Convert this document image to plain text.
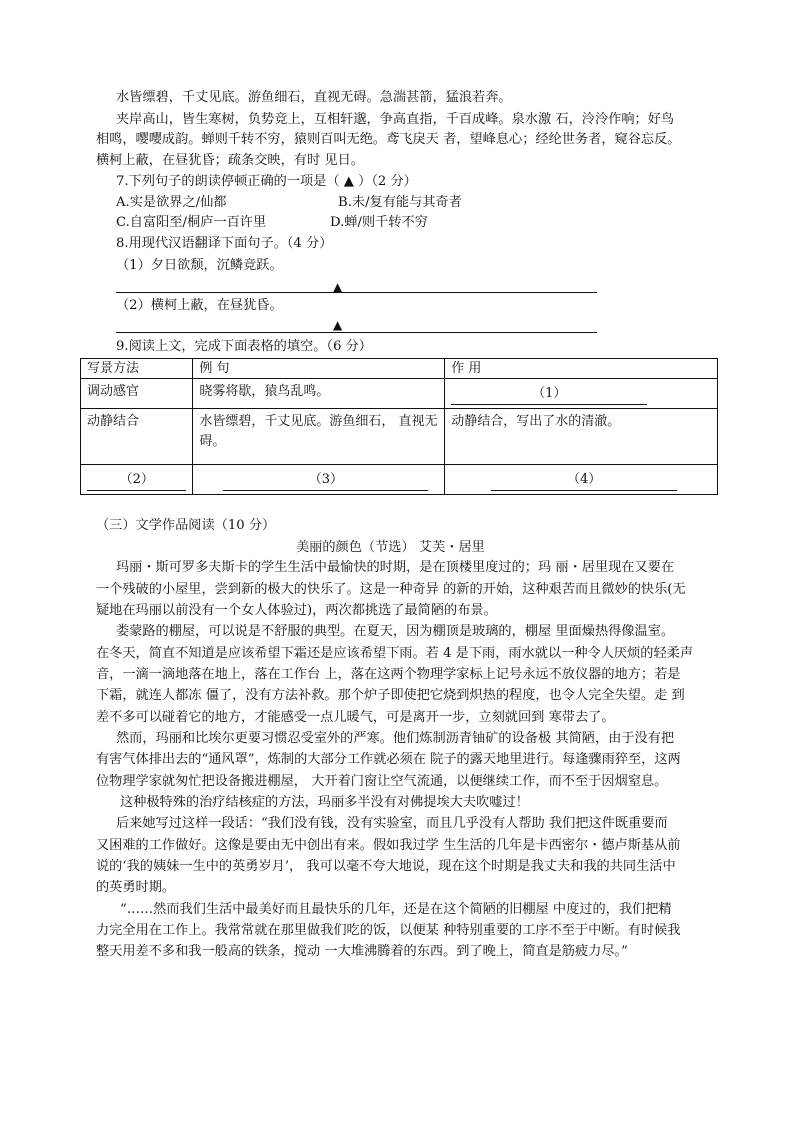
水皆缥碧，千丈见底。游鱼细石，直视无碍。急湍甚箭，猛浪若奔。
夹岸高山，皆生寒树，负势竞上，互相轩邈，争高直指，千百成峰。泉水激 石，泠泠作响；好鸟
相鸣，嘤嘤成韵。蝉则千转不穷，猿则百叫无绝。鸢飞戾天 者，望峰息心；经纶世务者，窥谷忘反。
横柯上蔽，在昼犹昏；疏条交映，有时 见日。
7.下列句子的朗读停顿正确的一项是（ ▲ ）（2 分）
A.实是欲界之/仙都	B.未/复有能与其奇者
C.自富阳至/桐庐一百许里	D.蝉/则千转不穷
8.用现代汉语翻译下面句子。（4 分）
（1）夕日欲颓，沉鳞竞跃。
▲
（2）横柯上蔽，在昼犹昏。
▲
9.阅读上文，完成下面表格的填空。（6 分）
写景方法	例 句	作 用
调动感官	晓雾将歇，猿鸟乱鸣。	（1）

动静结合	水皆缥碧，千丈见底。游鱼细石， 直视无碍。	动静结合，写出了水的清澈。

（2）	（3）	（4）
（三）文学作品阅读（10 分）
美丽的颜色（节选） 艾芙・居里
玛丽・斯可罗多夫斯卡的学生生活中最愉快的时期，是在顶楼里度过的；玛 丽・居里现在又要在
一个残破的小屋里，尝到新的极大的快乐了。这是一种奇异 的新的开始，这种艰苦而且微妙的快乐(无
疑地在玛丽以前没有一个女人体验过)，两次都挑选了最简陋的布景。
娄蒙路的棚屋，可以说是不舒服的典型。在夏天，因为棚顶是玻璃的，棚屋 里面燥热得像温室。
在冬天，简直不知道是应该希望下霜还是应该希望下雨。若 4 是下雨，雨水就以一种令人厌烦的轻柔声
音，一滴一滴地落在地上，落在工作台 上，落在这两个物理学家标上记号永远不放仪器的地方；若是
下霜，就连人都冻 僵了，没有方法补救。那个炉子即使把它烧到炽热的程度，也令人完全失望。走 到
差不多可以碰着它的地方，才能感受一点儿暖气，可是离开一步，立刻就回到 寒带去了。
然而，玛丽和比埃尔更要习惯忍受室外的严寒。他们炼制沥青铀矿的设备极 其简陋，由于没有把
有害气体排出去的“通风罩”，炼制的大部分工作就必须在 院子的露天地里进行。每逢骤雨猝至，这两
位物理学家就匆忙把设备搬进棚屋， 大开着门窗让空气流通，以便继续工作，而不至于因烟窒息。
这种极特殊的治疗结核症的方法，玛丽多半没有对佛提埃大夫吹嘘过！
后来她写过这样一段话：“我们没有钱，没有实验室，而且几乎没有人帮助 我们把这件既重要而
又困难的工作做好。这像是要由无中创出有来。假如我过学 生生活的几年是卡西密尔・德卢斯基从前
说的‘我的姨妹一生中的英勇岁月’， 我可以毫不夸大地说，现在这个时期是我丈夫和我的共同生活中
的英勇时期。
“……然而我们生活中最美好而且最快乐的几年，还是在这个简陋的旧棚屋 中度过的，我们把精
力完全用在工作上。我常常就在那里做我们吃的饭，以便某 种特别重要的工序不至于中断。有时候我
整天用差不多和我一般高的铁条，搅动 一大堆沸腾着的东西。到了晚上，简直是筋疲力尽。”
